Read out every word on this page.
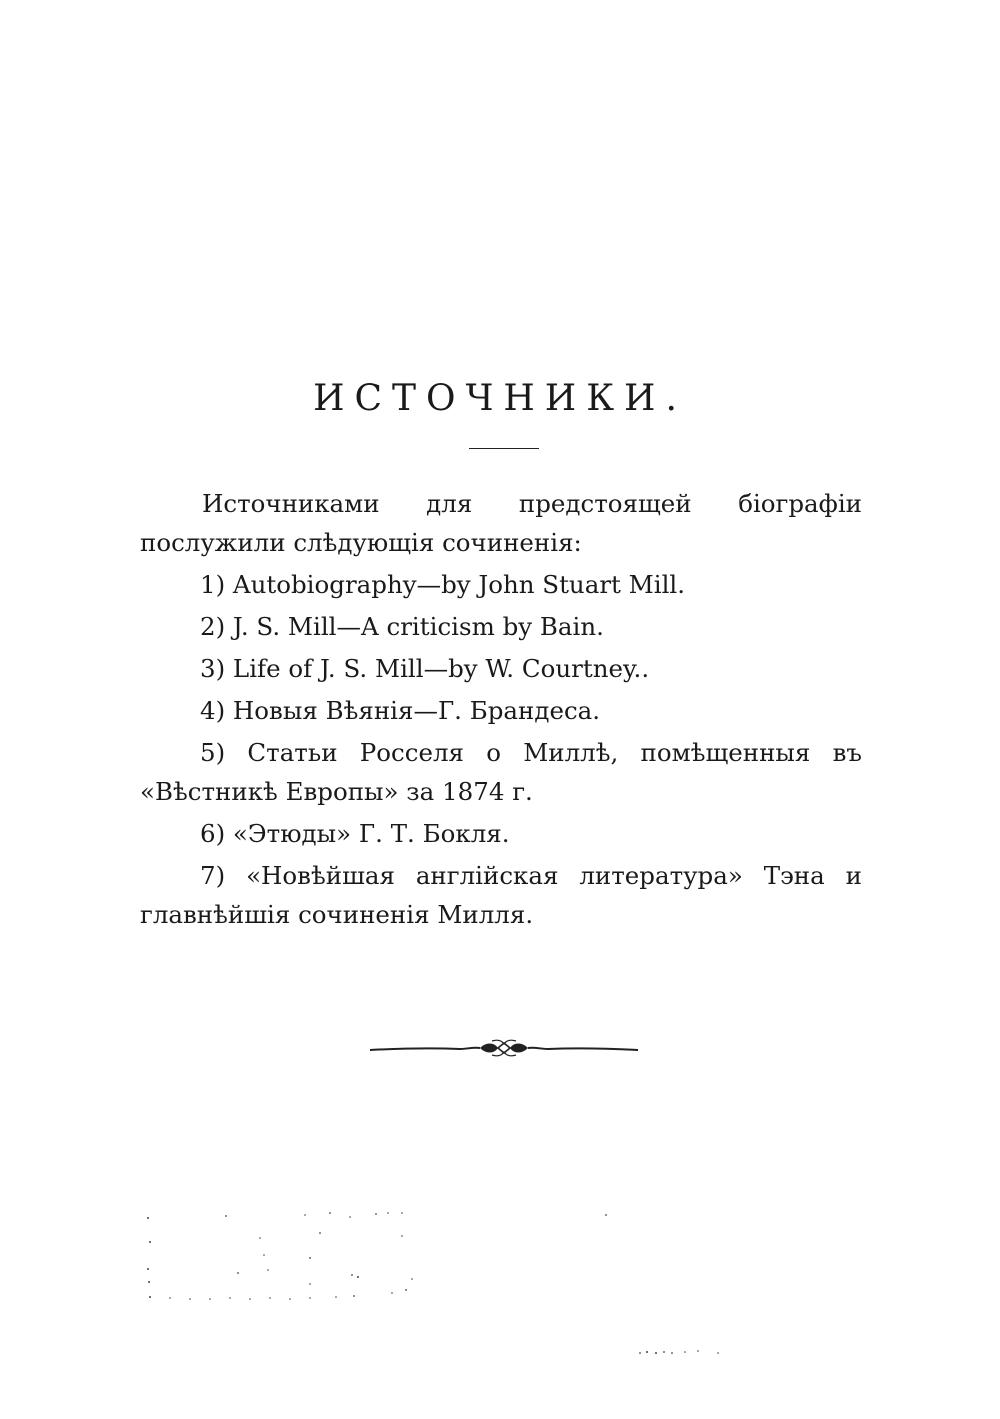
ИСТОЧНИКИ.

Источниками для предстоящей біографіи послужили слѣдующія сочиненія:

1) Autobiography—by John Stuart Mill.

2) J. S. Mill—A criticism by Bain.

3) Life of J. S. Mill—by W. Courtney..

4) Новыя Вѣянія—Г. Брандеса.

5) Статьи Росселя о Миллѣ, помѣщенныя въ «Вѣстникѣ Европы» за 1874 г.

6) «Этюды» Г. Т. Бокля.

7) «Новѣйшая англійская литература» Тэна и главнѣйшія сочиненія Милля.
